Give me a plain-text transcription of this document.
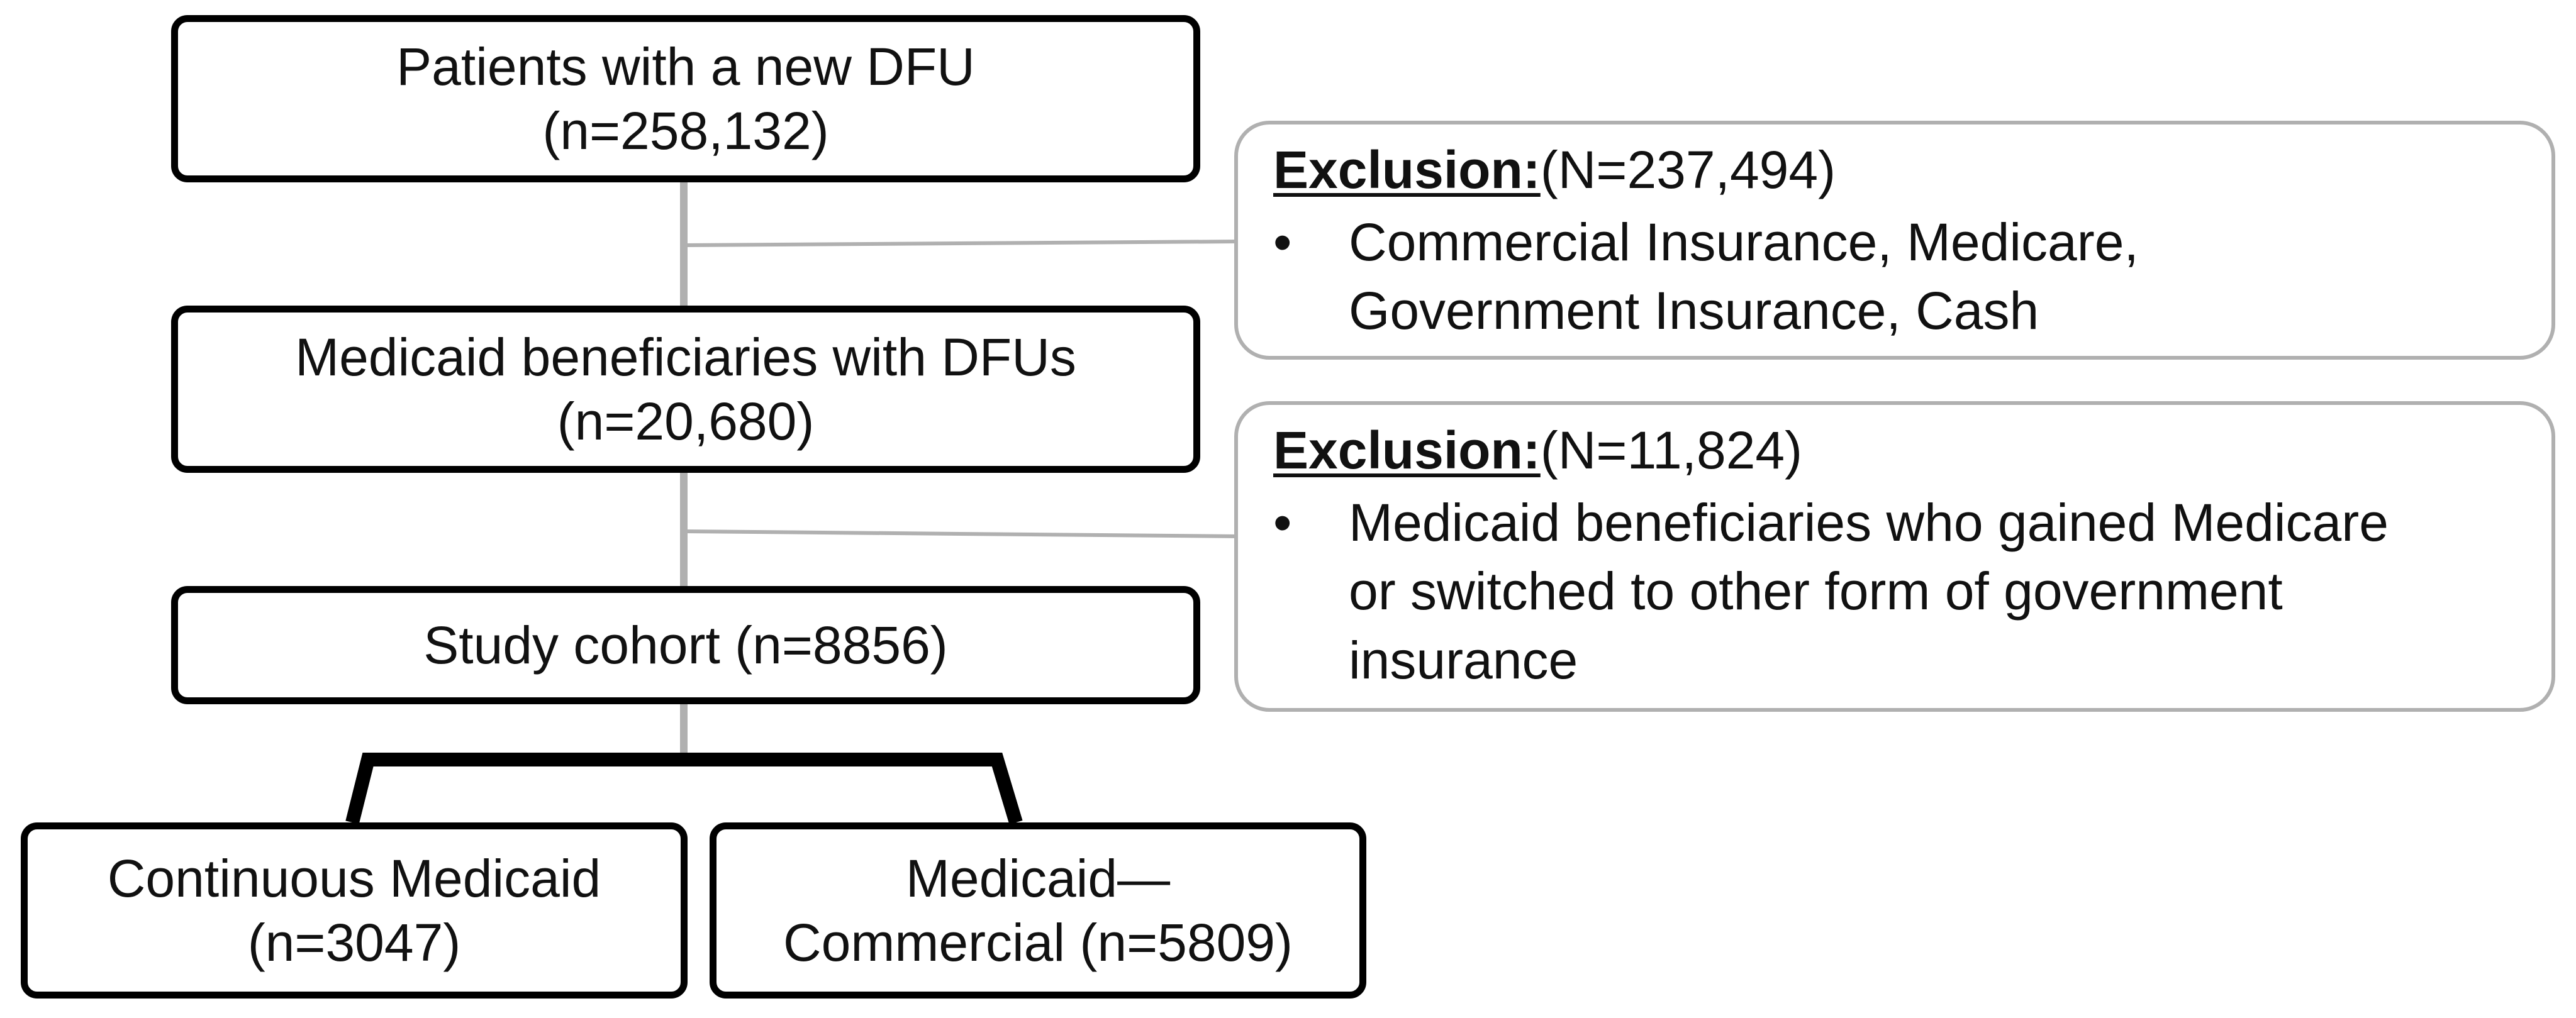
Patients with a new DFU
(n=258,132)
Medicaid beneficiaries with DFUs
(n=20,680)
Study cohort (n=8856)
Continuous Medicaid
(n=3047)
Medicaid—
Commercial (n=5809)
Exclusion:(N=237,494)
•	Commercial Insurance, Medicare,
Government Insurance, Cash
Exclusion:(N=11,824)
•	Medicaid beneficiaries who gained Medicare
or switched to other form of government
insurance
